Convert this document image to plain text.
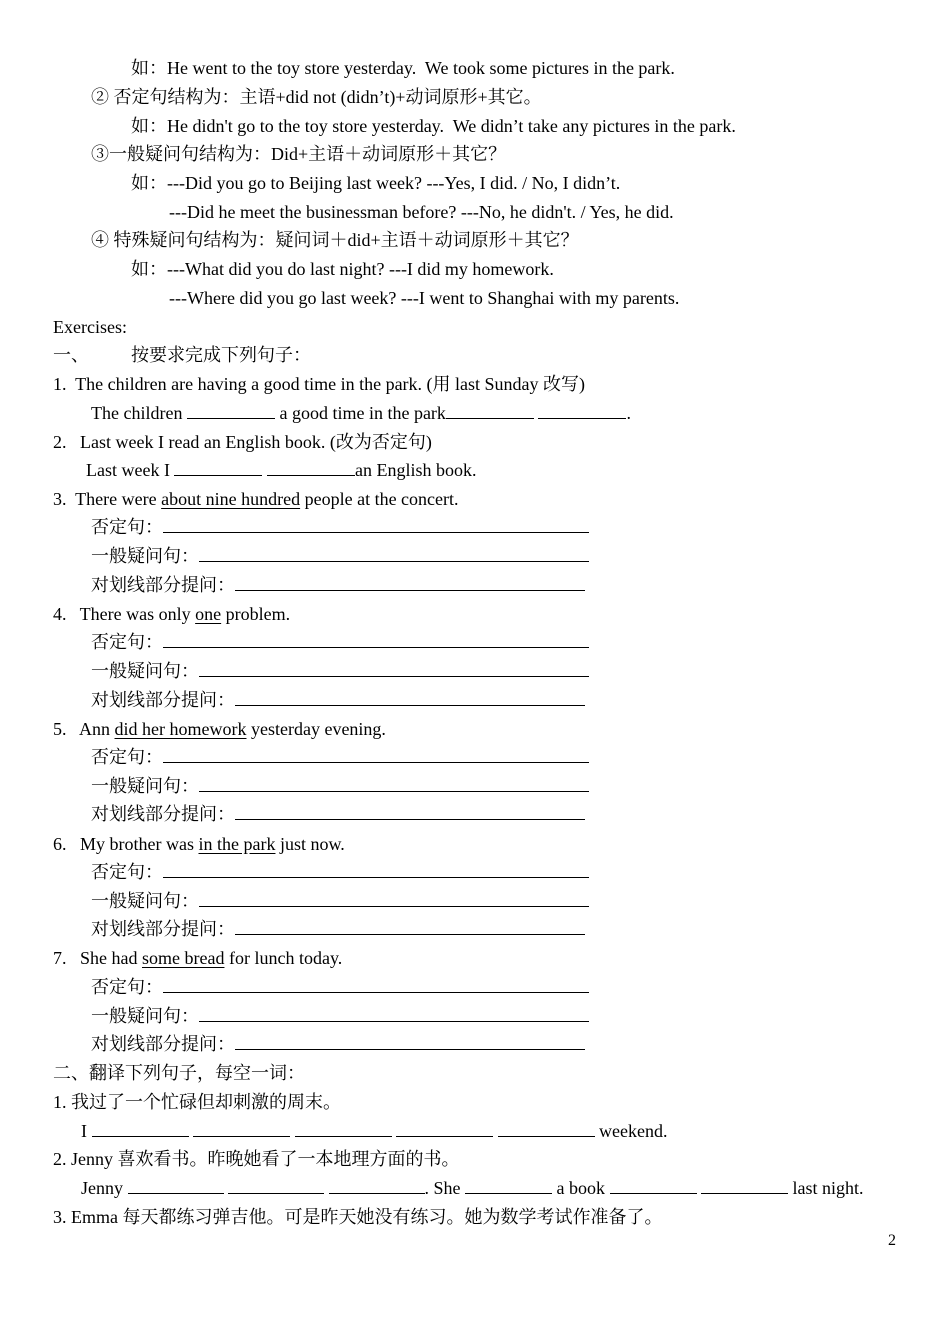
如：He went to the toy store yesterday.  We took some pictures in the park.
② 否定句结构为：主语+did not (didn’t)+动词原形+其它。
如：He didn't go to the toy store yesterday.  We didn’t take any pictures in the park.
③一般疑问句结构为：Did+主语＋动词原形＋其它？
如：---Did you go to Beijing last week? ---Yes, I did. / No, I didn’t.
---Did he meet the businessman before? ---No, he didn't. / Yes, he did.
④ 特殊疑问句结构为：疑问词＋did+主语＋动词原形＋其它？
如：---What did you do last night? ---I did my homework.
---Where did you go last week? ---I went to Shanghai with my parents.
Exercises:
一、 按要求完成下列句子：
1.  The children are having a good time in the park. (用 last Sunday 改写)
The children	a good time in the park	.
2.   Last week I read an English book. (改为否定句)
Last week I	an English book.
3.  There were about nine hundred people at the concert.
否定句：
一般疑问句：
对划线部分提问：
4.   There was only one problem.
否定句：
一般疑问句：
对划线部分提问：
5.   Ann did her homework yesterday evening.
否定句：
一般疑问句：
对划线部分提问：
6.   My brother was in the park just now.
否定句：
一般疑问句：
对划线部分提问：
7.   She had some bread for lunch today.
否定句：
一般疑问句：
对划线部分提问：
二、翻译下列句子，每空一词：
1. 我过了一个忙碌但却刺激的周末。
I	weekend.
2. Jenny 喜欢看书。昨晚她看了一本地理方面的书。
Jenny	. She	a book	last night.
3. Emma 每天都练习弹吉他。可是昨天她没有练习。她为数学考试作准备了。
2
